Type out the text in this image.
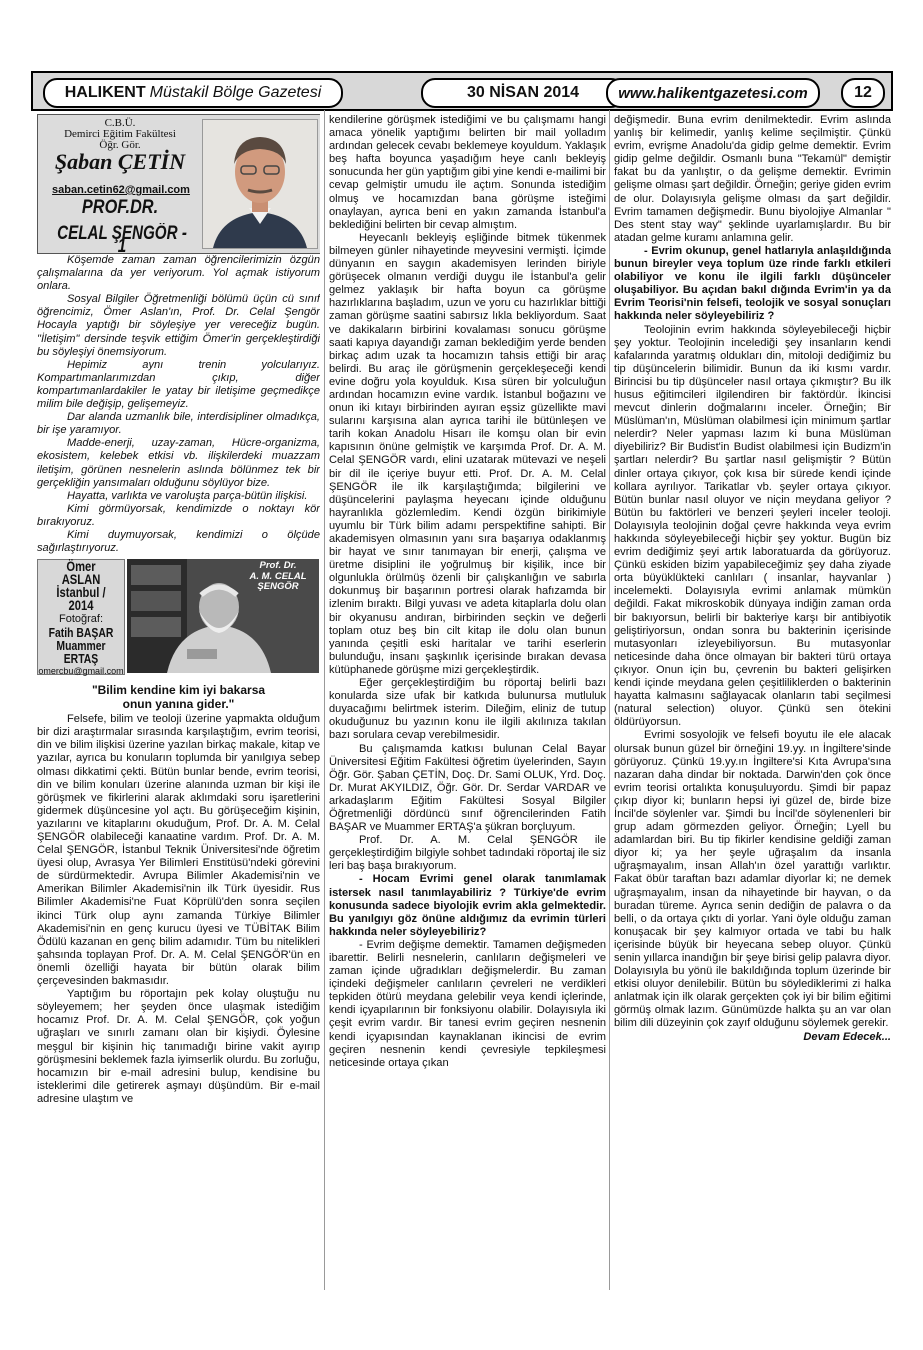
HALIKENT Müstakil Bölge Gazetesi	30 NİSAN 2014	www.halikentgazetesi.com	12
C.B.Ü.
Demirci Eğitim Fakültesi
Öğr. Gör.
Şaban ÇETİN
saban.cetin62@gmail.com
PROF.DR.
CELAL ŞENGÖR - 1

Köşemde zaman zaman öğrencilerimizin özgün çalışmalarına da yer veriyorum. Yol açmak istiyorum onlara.

Sosyal Bilgiler Öğretmenliği bölümü üçün cü sınıf öğrencimiz, Ömer Aslan'ın, Prof. Dr. Celal Şengör Hocayla yaptığı bir söyleşiye yer vereceğiz bugün. "İletişim" dersinde teşvik ettiğim Ömer'in gerçekleştirdiği bu söyleşiyi önemsiyorum.

Hepimiz aynı trenin yolcularıyız. Kompartımanlarımızdan çıkıp, diğer kompartımanlardakiler le yatay bir iletişime geçmedikçe milim bile değişip, gelişemeyiz.

Dar alanda uzmanlık bile, interdisipliner olmadıkça, bir işe yaramıyor.

Madde-enerji, uzay-zaman, Hücre-organizma, ekosistem, kelebek etkisi vb. ilişkilerdeki muazzam iletişim, görünen nesnelerin aslında bölünmez tek bir gerçekliğin yansımaları olduğunu söylüyor bize.

Hayatta, varlıkta ve varoluşta parça-bütün ilişkisi.

Kimi görmüyorsak, kendimizde o noktayı kör bırakıyoruz.

Kimi duymuyorsak, kendimizi o ölçüde sağırlaştırıyoruz.

Ömer ASLAN
İstanbul / 2014
Fotoğraf:
Fatih BAŞAR
Muammer ERTAŞ
omercbu@gmail.com
Prof. Dr.
A. M. CELAL
ŞENGÖR
"Bilim kendine kim iyi bakarsa
onun yanına gider."

Felsefe, bilim ve teoloji üzerine yapmakta olduğum bir dizi araştırmalar sırasında karşılaştığım, evrim teorisi, din ve bilim ilişkisi üzerine yazılan birkaç makale, kitap ve yazılar, ayrıca bu konuların toplumda bir yanılgıya sebep olması dikkatimi çekti. Bütün bunlar bende, evrim teorisi, din ve bilim konuları üzerine alanında uzman bir kişi ile görüşmek ve fikirlerini alarak aklımdaki soru işaretlerini gidermek düşüncesine yol açtı. Bu görüşeceğim kişinin, yazılarını ve kitaplarını okuduğum, Prof. Dr. A. M. Celal ŞENGÖR olabileceği kanaatine vardım. Prof. Dr. A. M. Celal ŞENGÖR, İstanbul Teknik Üniversitesi'nde öğretim üyesi olup, Avrasya Yer Bilimleri Enstitüsü'ndeki görevini de sürdürmektedir. Avrupa Bilimler Akademisi'nin ve Amerikan Bilimler Akademisi'nin ilk Türk üyesidir. Rus Bilimler Akademisi'ne Fuat Köprülü'den sonra seçilen ikinci Türk olup aynı zamanda Türkiye Bilimler Akademisi'nin en genç kurucu üyesi ve TÜBİTAK Bilim Ödülü kazanan en genç bilim adamıdır. Tüm bu nitelikleri şahsında toplayan Prof. Dr. A. M. Celal ŞENGÖR'ün en önemli özelliği hayata bir bütün olarak bilim çerçevesinden bakmasıdır.

Yaptığım bu röportajın pek kolay oluştuğu nu söyleyemem; her şeyden önce ulaşmak istediğim hocamız Prof. Dr. A. M. Celal ŞENGÖR, çok yoğun uğraşları ve sınırlı zamanı olan bir kişiydi. Öylesine meşgul bir kişinin hiç tanımadığı birine vakit ayırıp görüşmesini beklemek fazla iyimserlik olurdu. Bu zorluğu, hocamızın bir e-mail adresini bulup, kendisine bu isteklerimi dile getirerek aşmayı düşündüm. Bir e-mail adresine ulaştım ve

kendilerine görüşmek istediğimi ve bu çalışmamı hangi amaca yönelik yaptığımı belirten bir mail yolladım ardından gelecek cevabı beklemeye koyuldum. Yaklaşık beş hafta boyunca yaşadığım heye canlı bekleyiş sonucunda her gün yaptığım gibi yine kendi e-mailimi bir cevap gelmiştir umudu ile açtım. Sonunda istediğim olmuş ve hocamızdan bana görüşme isteğimi onaylayan, ayrıca beni en yakın zamanda İstanbul'a beklediğini belirten bir cevap almıştım.

Heyecanlı bekleyiş eşliğinde bitmek tükenmek bilmeyen günler nihayetinde meyvesini vermişti. İçimde dünyanın en saygın akademisyen lerinden biriyle görüşecek olmanın verdiği duygu ile İstanbul'a gelir gelmez yaklaşık bir hafta boyun ca görüşme hazırlıklarına başladım, uzun ve yoru cu hazırlıklar bittiği zaman görüşme saatini sabırsız lıkla bekliyordum. Saat ve dakikaların birbirini kovalaması sonucu görüşme saati kapıya dayandığı zaman beklediğim yerde benden birkaç adım uzak ta hocamızın tahsis ettiği bir araç belirdi. Bu araç ile görüşmenin gerçekleşeceği kendi evine doğru yola koyulduk. Kısa süren bir yolculuğun ardından hocamızın evine vardık. İstanbul boğazını ve onun iki kıtayı birbirinden ayıran eşsiz güzellikte mavi sularını karşısına alan ayrıca tarihi ile bütünleşen ve tarih kokan Anadolu Hisarı ile komşu olan bir evin kapısının önüne gelmiştik ve karşımda Prof. Dr. A. M. Celal ŞENGÖR vardı, elini uzatarak mütevazi ve neşeli bir dil ile içeriye buyur etti. Prof. Dr. A. M. Celal ŞENGÖR ile ilk karşılaştığımda; bilgilerini ve düşüncelerini paylaşma heyecanı içinde olduğunu hayranlıkla gözlemledim. Kendi özgün birikimiyle uyumlu bir Türk bilim adamı perspektifine sahipti. Bir akademisyen olmasının yanı sıra başarıya odaklanmış bir hayat ve sınır tanımayan bir enerji, çalışma ve üretme disiplini ile yoğrulmuş bir kişilik, ince bir olgunlukla örülmüş özenli bir çalışkanlığın ve sabırla dokunmuş bir başarının portresi olarak hafızamda bir izlenim bıraktı. Bilgi yuvası ve adeta kitaplarla dolu olan bir okyanusu andıran, birbirinden seçkin ve değerli toplam otuz beş bin cilt kitap ile dolu olan bunun yanında çeşitli eski haritalar ve tarihi eserlerin bulunduğu, insanı şaşkınlık içerisinde bırakan devasa kütüphanede görüşme mizi gerçekleştirdik.

Eğer gerçekleştirdiğim bu röportaj belirli bazı konularda size ufak bir katkıda bulunursa mutluluk duyacağımı belirtmek isterim. Dileğim, eliniz de tutup okuduğunuz bu yazının konu ile ilgili akılınıza takılan bazı sorulara cevap verebilmesidir.

Bu çalışmamda katkısı bulunan Celal Bayar Üniversitesi Eğitim Fakültesi öğretim üyelerinden, Sayın Öğr. Gör. Şaban ÇETİN, Doç. Dr. Sami OLUK, Yrd. Doç. Dr. Murat AKYILDIZ, Öğr. Gör. Dr. Serdar VARDAR ve arkadaşlarım Eğitim Fakültesi Sosyal Bilgiler Öğretmenliği dördüncü sınıf öğrencilerinden Fatih BAŞAR ve Muammer ERTAŞ'a şükran borçluyum.

Prof. Dr. A. M. Celal ŞENGÖR ile gerçekleştirdiğim bilgiyle sohbet tadındaki röportaj ile siz leri baş başa bırakıyorum.

- Hocam Evrimi genel olarak tanımlamak istersek nasıl tanımlayabiliriz ? Türkiye'de evrim konusunda sadece biyolojik evrim akla gelmektedir. Bu yanılgıyı göz önüne aldığımız da evrimin türleri hakkında neler söyleyebiliriz?

- Evrim değişme demektir. Tamamen değişmeden ibarettir. Belirli nesnelerin, canlıların değişmeleri ve zaman içinde uğradıkları değişmelerdir. Bu zaman içindeki değişmeler canlıların çevreleri ne verdikleri tepkiden ötürü meydana gelebilir veya kendi içlerinde, kendi içyapılarının bir fonksiyonu olabilir. Dolayısıyla iki çeşit evrim vardır. Bir tanesi evrim geçiren nesnenin kendi içyapısından kaynaklanan ikincisi de evrim geçiren nesnenin kendi çevresiyle tepkileşmesi neticesinde ortaya çıkan

değişmedir. Buna evrim denilmektedir. Evrim aslında yanlış bir kelimedir, yanlış kelime seçilmiştir. Çünkü evrim, evrişme Anadolu'da gidip gelme demektir. Evrim gidip gelme değildir. Osmanlı buna "Tekamül" demiştir fakat bu da yanlıştır, o da gelişme demektir. Evrimin gelişme olması şart değildir. Örneğin; geriye giden evrim de olur. Dolayısıyla gelişme olması da şart değildir. Evrim tamamen değişmedir. Bunu biyolojiye Almanlar " Des stent stay way" şeklinde uyarlamışlardır. Bu bir atadan gelme kuramı anlamına gelir.

- Evrim okunup, genel hatlarıyla anlaşıldığında bunun bireyler veya toplum üze rinde farklı etkileri olabiliyor ve konu ile ilgili farklı düşünceler oluşabiliyor. Bu açıdan bakıl dığında Evrim'in ya da Evrim Teorisi'nin felsefi, teolojik ve sosyal sonuçları hakkında neler söyleyebiliriz ?

Teolojinin evrim hakkında söyleyebileceği hiçbir şey yoktur. Teolojinin incelediği şey insanların kendi kafalarında yaratmış oldukları din, mitoloji dediğimiz bu tip düşüncelerin bilimidir. Bunun da iki kısmı vardır. Birincisi bu tip düşünceler nasıl ortaya çıkmıştır? Bu ilk husus eğitimcileri ilgilendiren bir faktördür. İkincisi mevcut dinlerin doğmalarını inceler. Örneğin; Bir Müslüman'ın, Müslüman olabilmesi için minimum şartlar nelerdir? Neler yapması lazım ki buna Müslüman diyebiliriz? Bir Budist'in Budist olabilmesi için Budizm'in şartları nelerdir? Bu şartlar nasıl gelişmiştir ? Bütün dinler ortaya çıkıyor, çok kısa bir sürede kendi içinde kollara ayrılıyor. Tarikatlar vb. şeyler ortaya çıkıyor. Bütün bunlar nasıl oluyor ve niçin meydana geliyor ? Bütün bu faktörleri ve benzeri şeyleri inceler teoloji. Dolayısıyla teolojinin doğal çevre hakkında veya evrim hakkında söyleyebileceği hiçbir şey yoktur. Bugün biz evrim dediğimiz şeyi artık laboratuarda da görüyoruz. Çünkü eskiden bizim yapabileceğimiz şey daha ziyade orta büyüklükteki canlıları ( insanlar, hayvanlar ) incelemekti. Dolayısıyla evrimi anlamak mümkün değildi. Fakat mikroskobik dünyaya indiğin zaman orda bir bakıyorsun, belirli bir bakteriye karşı bir antibiyotik geliştiriyorsun, ondan sonra bu bakterinin içerisinde mutasyonları izleyebiliyorsun. Bu mutasyonlar neticesinde daha önce olmayan bir bakteri türü ortaya çıkıyor. Onun için bu, çevrenin bu bakteri gelişirken kendi içinde meydana gelen çeşitliliklerden o bakterinin hayatta kalmasını sağlayacak olanların tabi seçilmesi (natural selection) oluyor. Çünkü sen ötekini öldürüyorsun.

Evrimi sosyolojik ve felsefi boyutu ile ele alacak olursak bunun güzel bir örneğini 19.yy. ın İngiltere'sinde görüyoruz. Çünkü 19.yy.ın İngiltere'si Kıta Avrupa'sına nazaran daha dindar bir noktada. Darwin'den çok önce evrim teorisi ortalıkta konuşuluyordu. Şimdi bir papaz çıkıp diyor ki; bunların hepsi iyi güzel de, birde bize İncil'de söylenler var. Şimdi bu İncil'de söylenenleri bir grup adam görmezden geliyor. Örneğin; Lyell bu adamlardan biri. Bu tip fikirler kendisine geldiği zaman diyor ki; ya her şeyle uğraşalım da insanla uğraşmayalım, insan Allah'ın özel yarattığı varlıktır. Fakat öbür taraftan bazı adamlar diyorlar ki; ne demek uğraşmayalım, insan da nihayetinde bir hayvan, o da buradan türeme. Ayrıca senin dediğin de palavra o da belli, o da ortaya çıktı di yorlar. Yani öyle olduğu zaman konuşacak bir şey kalmıyor ortada ve tabi bu halk içerisinde büyük bir heyecana sebep oluyor. Çünkü senin yıllarca inandığın bir şeye birisi gelip palavra diyor. Dolayısıyla bu yönü ile bakıldığında toplum üzerinde bir etkisi oluyor denilebilir. Bütün bu söylediklerimi zi halka anlatmak için ilk olarak gerçekten çok iyi bir bilim eğitimi görmüş olmak lazım. Günümüzde halkta şu an var olan bilim dili düzeyinin çok zayıf olduğunu söylemek gerekir.

Devam Edecek...
